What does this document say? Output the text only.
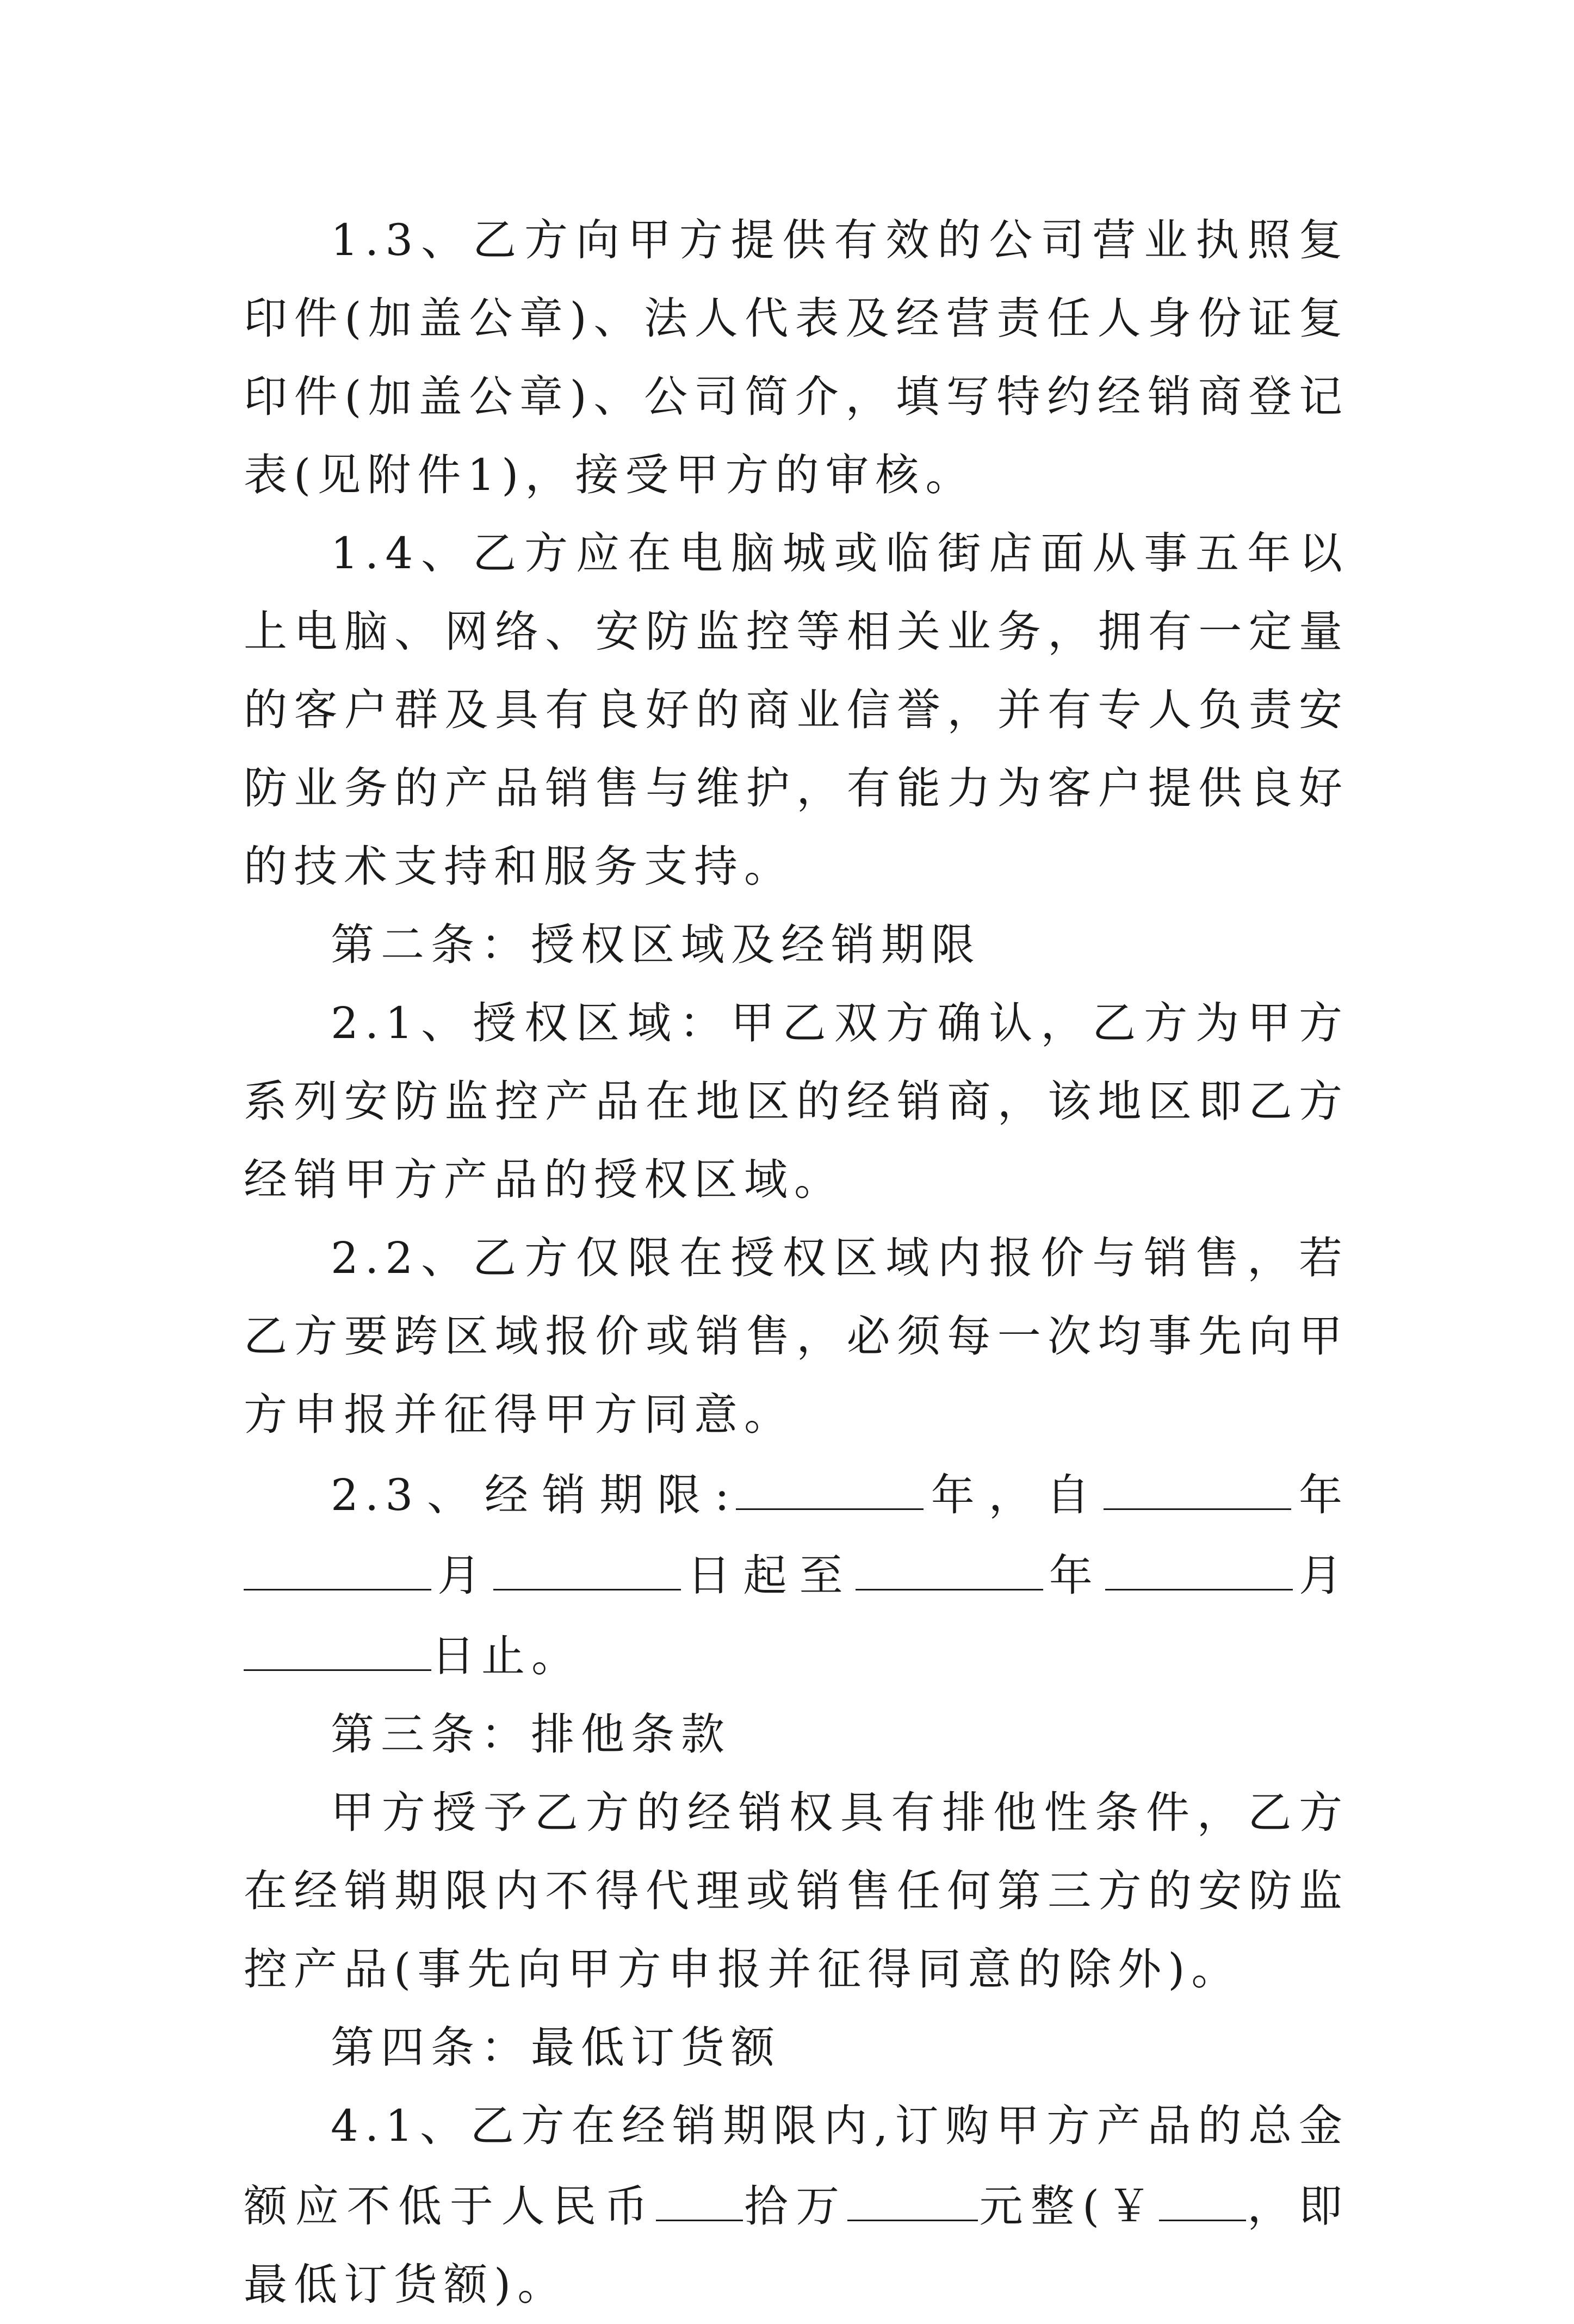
1.3、乙方向甲方提供有效的公司营业执照复印件(加盖公章)、法人代表及经营责任人身份证复印件(加盖公章)、公司简介，填写特约经销商登记表(见附件1)，接受甲方的审核。

1.4、乙方应在电脑城或临街店面从事五年以上电脑、网络、安防监控等相关业务，拥有一定量的客户群及具有良好的商业信誉，并有专人负责安防业务的产品销售与维护，有能力为客户提供良好的技术支持和服务支持。

第二条：授权区域及经销期限

2.1、授权区域：甲乙双方确认，乙方为甲方系列安防监控产品在地区的经销商，该地区即乙方经销甲方产品的授权区域。

2.2、乙方仅限在授权区域内报价与销售，若乙方要跨区域报价或销售，必须每一次均事先向甲方申报并征得甲方同意。

2.3、经销期限:	年，自	年月	日起至	年	月日止。

第三条：排他条款

甲方授予乙方的经销权具有排他性条件，乙方在经销期限内不得代理或销售任何第三方的安防监控产品(事先向甲方申报并征得同意的除外)。

第四条：最低订货额

4.1、乙方在经销期限内,订购甲方产品的总金额应不低于人民币 拾万	元整(￥ ，即最低订货额)。
